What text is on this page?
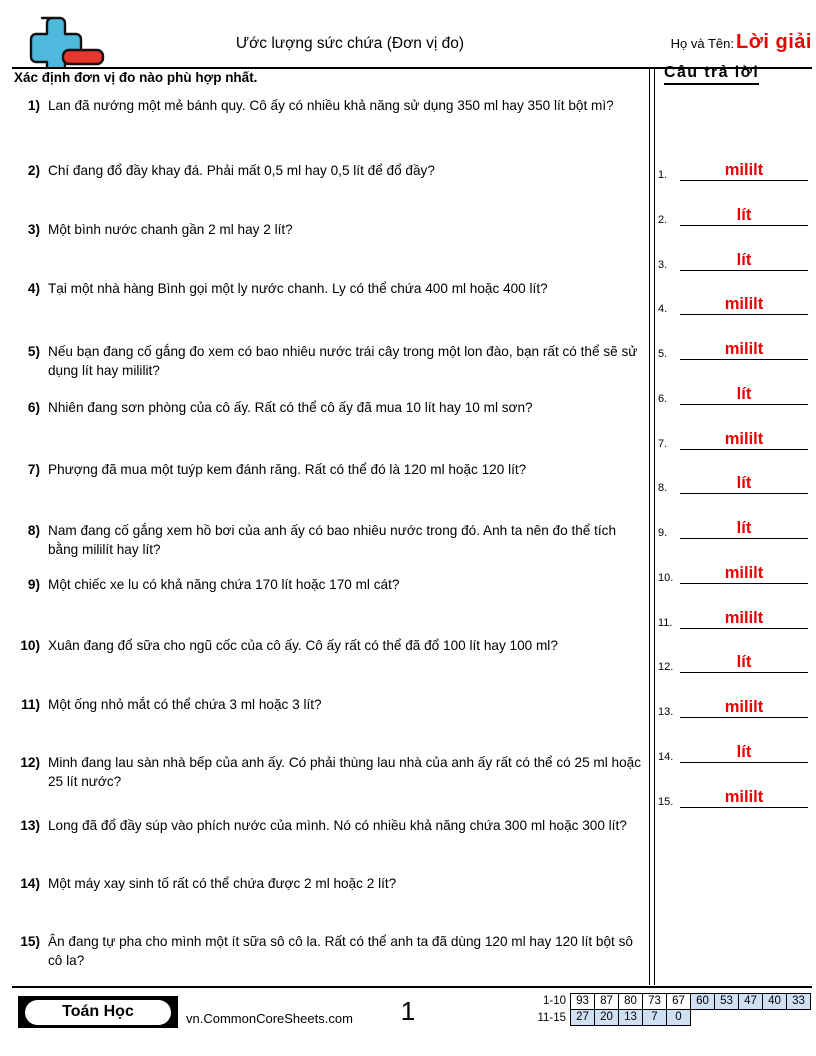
Ước lượng sức chứa (Đơn vị đo)	Họ và Tên: Lời giải
Xác định đơn vị đo nào phù hợp nhất.
1) Lan đã nướng một mẻ bánh quy. Cô ấy có nhiều khả năng sử dụng 350 ml hay 350 lít bột mì?
2) Chí đang đổ đầy khay đá. Phải mất 0,5 ml hay 0,5 lít để đổ đầy?
3) Một bình nước chanh gần 2 ml hay 2 lít?
4) Tại một nhà hàng Bình gọi một ly nước chanh. Ly có thể chứa 400 ml hoặc 400 lít?
5) Nếu bạn đang cố gắng đo xem có bao nhiêu nước trái cây trong một lon đào, bạn rất có thể sẽ sử dụng lít hay mililit?
6) Nhiên đang sơn phòng của cô ấy. Rất có thể cô ấy đã mua 10 lít hay 10 ml sơn?
7) Phượng đã mua một tuýp kem đánh răng. Rất có thể đó là 120 ml hoặc 120 lít?
8) Nam đang cố gắng xem hồ bơi của anh ấy có bao nhiêu nước trong đó. Anh ta nên đo thể tích bằng mililít hay lít?
9) Một chiếc xe lu có khả năng chứa 170 lít hoặc 170 ml cát?
10) Xuân đang đổ sữa cho ngũ cốc của cô ấy. Cô ấy rất có thể đã đổ 100 lít hay 100 ml?
11) Một ống nhỏ mắt có thể chứa 3 ml hoặc 3 lít?
12) Minh đang lau sàn nhà bếp của anh ấy. Có phải thùng lau nhà của anh ấy rất có thể có 25 ml hoặc 25 lít nước?
13) Long đã đổ đầy súp vào phích nước của mình. Nó có nhiều khả năng chứa 300 ml hoặc 300 lít?
14) Một máy xay sinh tố rất có thể chứa được 2 ml hoặc 2 lít?
15) Ân đang tự pha cho mình một ít sữa sô cô la. Rất có thể anh ta đã dùng 120 ml hay 120 lít bột sô cô la?
Câu trả lời
1.	mililt
2.	lít
3.	lít
4.	mililt
5.	mililt
6.	lít
7.	mililt
8.	lít
9.	lít
10.	mililt
11.	mililt
12.	lít
13.	mililt
14.	lít
15.	mililt
Toán Học	vn.CommonCoreSheets.com	1	1-10 93 87 80 73 67 60 53 47 40 33
11-15 27 20 13	7	0
